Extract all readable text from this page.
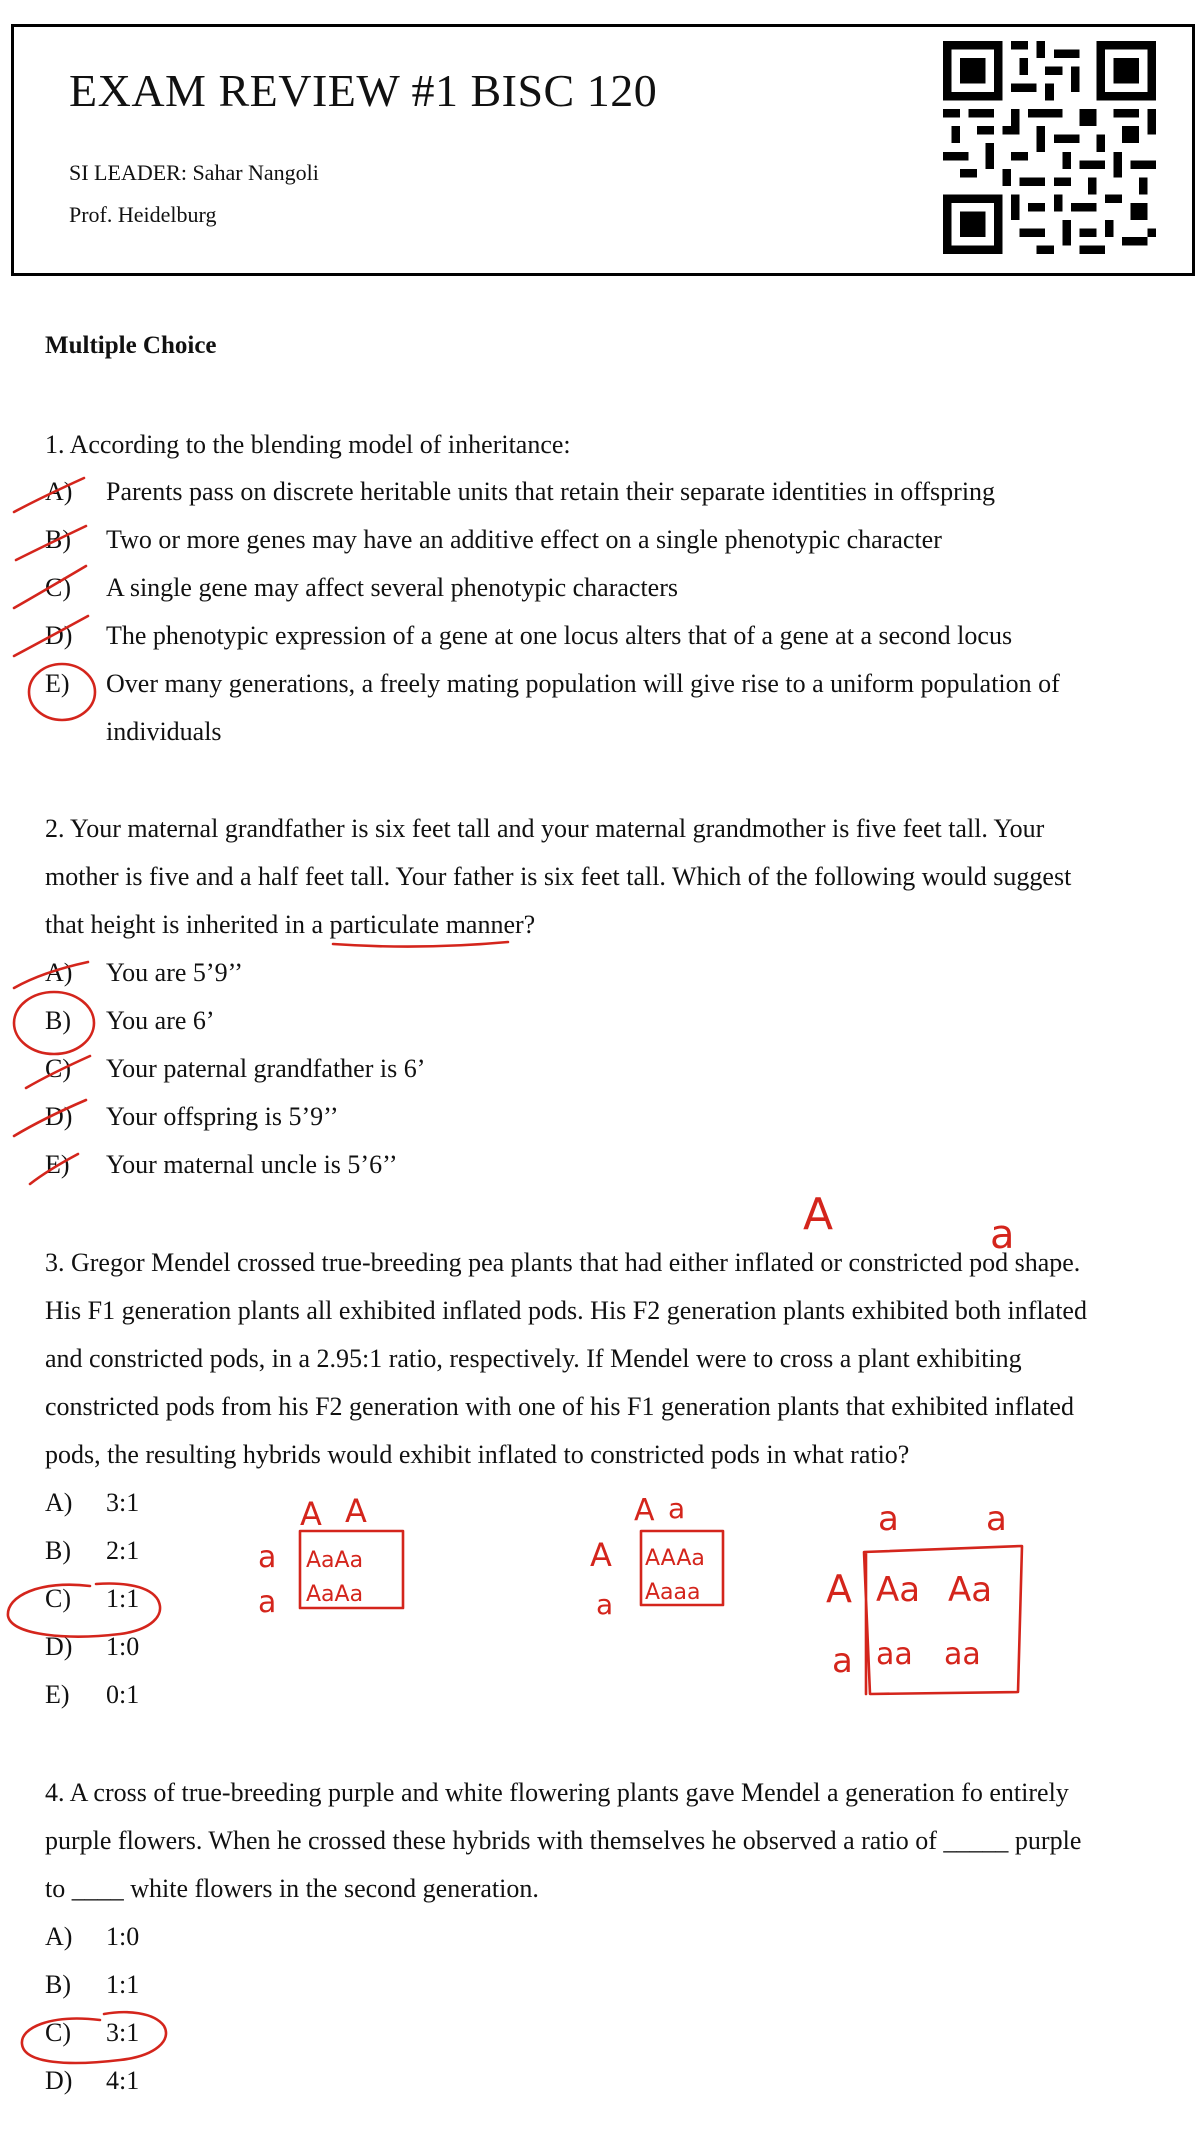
EXAM REVIEW #1 BISC 120
SI LEADER: Sahar Nangoli
Prof. Heidelburg
Multiple Choice
1. According to the blending model of inheritance:
A) Parents pass on discrete heritable units that retain their separate identities in offspring
B) Two or more genes may have an additive effect on a single phenotypic character
C) A single gene may affect several phenotypic characters
D) The phenotypic expression of a gene at one locus alters that of a gene at a second locus
E) Over many generations, a freely mating population will give rise to a uniform population of
individuals
2. Your maternal grandfather is six feet tall and your maternal grandmother is five feet tall. Your
mother is five and a half feet tall. Your father is six feet tall. Which of the following would suggest
that height is inherited in a particulate manner?
A) You are 5’9’’
B) You are 6’
C) Your paternal grandfather is 6’
D) Your offspring is 5’9’’
E) Your maternal uncle is 5’6’’
3. Gregor Mendel crossed true-breeding pea plants that had either inflated or constricted pod shape.
His F1 generation plants all exhibited inflated pods. His F2 generation plants exhibited both inflated
and constricted pods, in a 2.95:1 ratio, respectively. If Mendel were to cross a plant exhibiting
constricted pods from his F2 generation with one of his F1 generation plants that exhibited inflated
pods, the resulting hybrids would exhibit inflated to constricted pods in what ratio?
A) 3:1
B) 2:1
C) 1:1
D) 1:0
E) 0:1
4. A cross of true-breeding purple and white flowering plants gave Mendel a generation fo entirely
purple flowers. When he crossed these hybrids with themselves he observed a ratio of _____ purple
to ____ white flowers in the second generation.
A) 1:0
B) 1:1
C) 3:1
D) 4:1
A	a
A A
a
a
AaAa
AaAa
A a
A
a
AAAa
Aaaa
a	a
A
a
Aa Aa
aa aa
